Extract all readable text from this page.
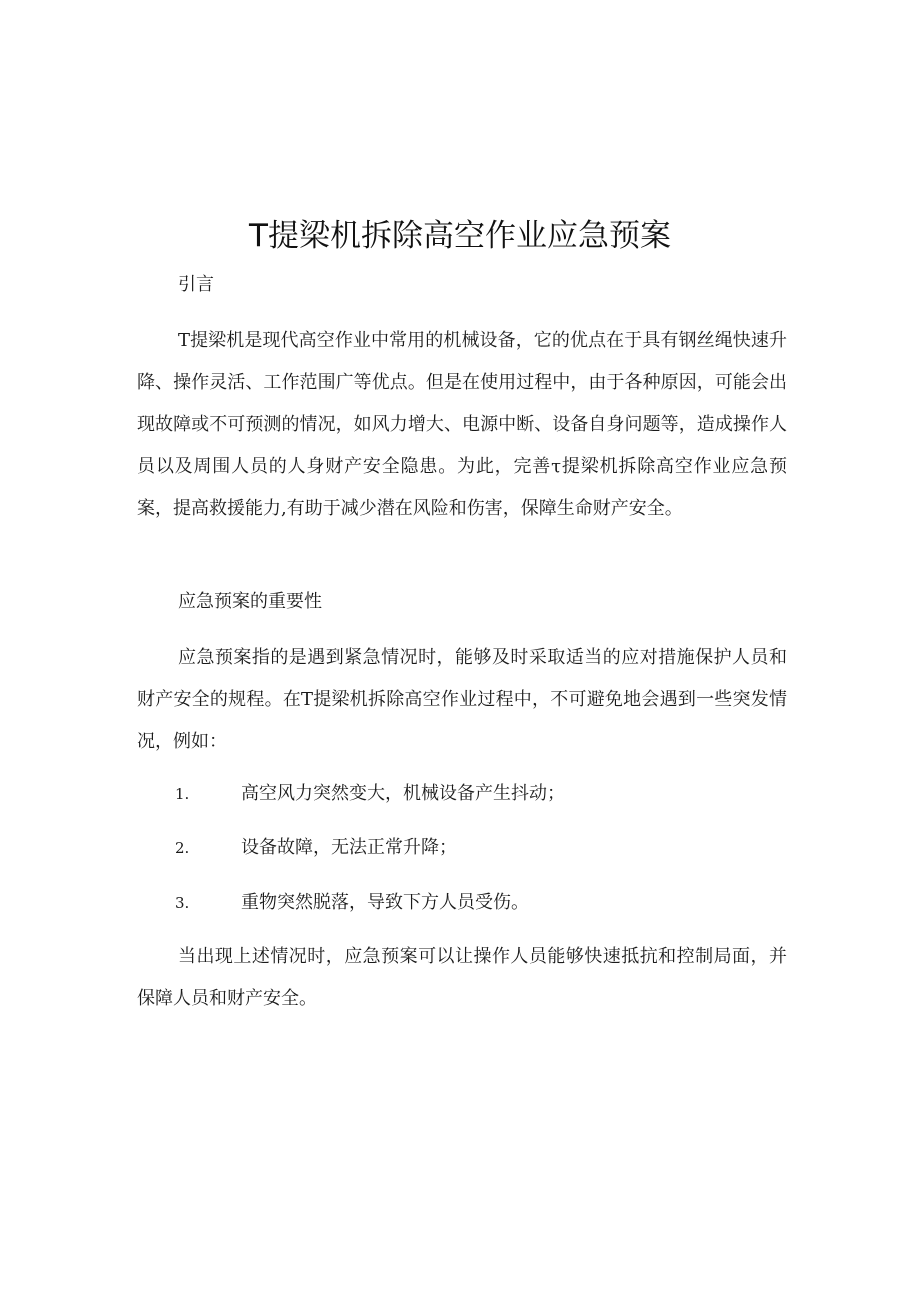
T提梁机拆除高空作业应急预案

引言

T提梁机是现代高空作业中常用的机械设备，它的优点在于具有钢丝绳快速升降、操作灵活、工作范围广等优点。但是在使用过程中，由于各种原因，可能会出现故障或不可预测的情况，如风力增大、电源中断、设备自身问题等，造成操作人员以及周围人员的人身财产安全隐患。为此，完善τ提梁机拆除高空作业应急预案，提高救援能力,有助于减少潜在风险和伤害，保障生命财产安全。

应急预案的重要性

应急预案指的是遇到紧急情况时，能够及时采取适当的应对措施保护人员和财产安全的规程。在T提梁机拆除高空作业过程中，不可避免地会遇到一些突发情况，例如：

1.	高空风力突然变大，机械设备产生抖动；
2.	设备故障，无法正常升降；
3.	重物突然脱落，导致下方人员受伤。

当出现上述情况时，应急预案可以让操作人员能够快速抵抗和控制局面，并保障人员和财产安全。
